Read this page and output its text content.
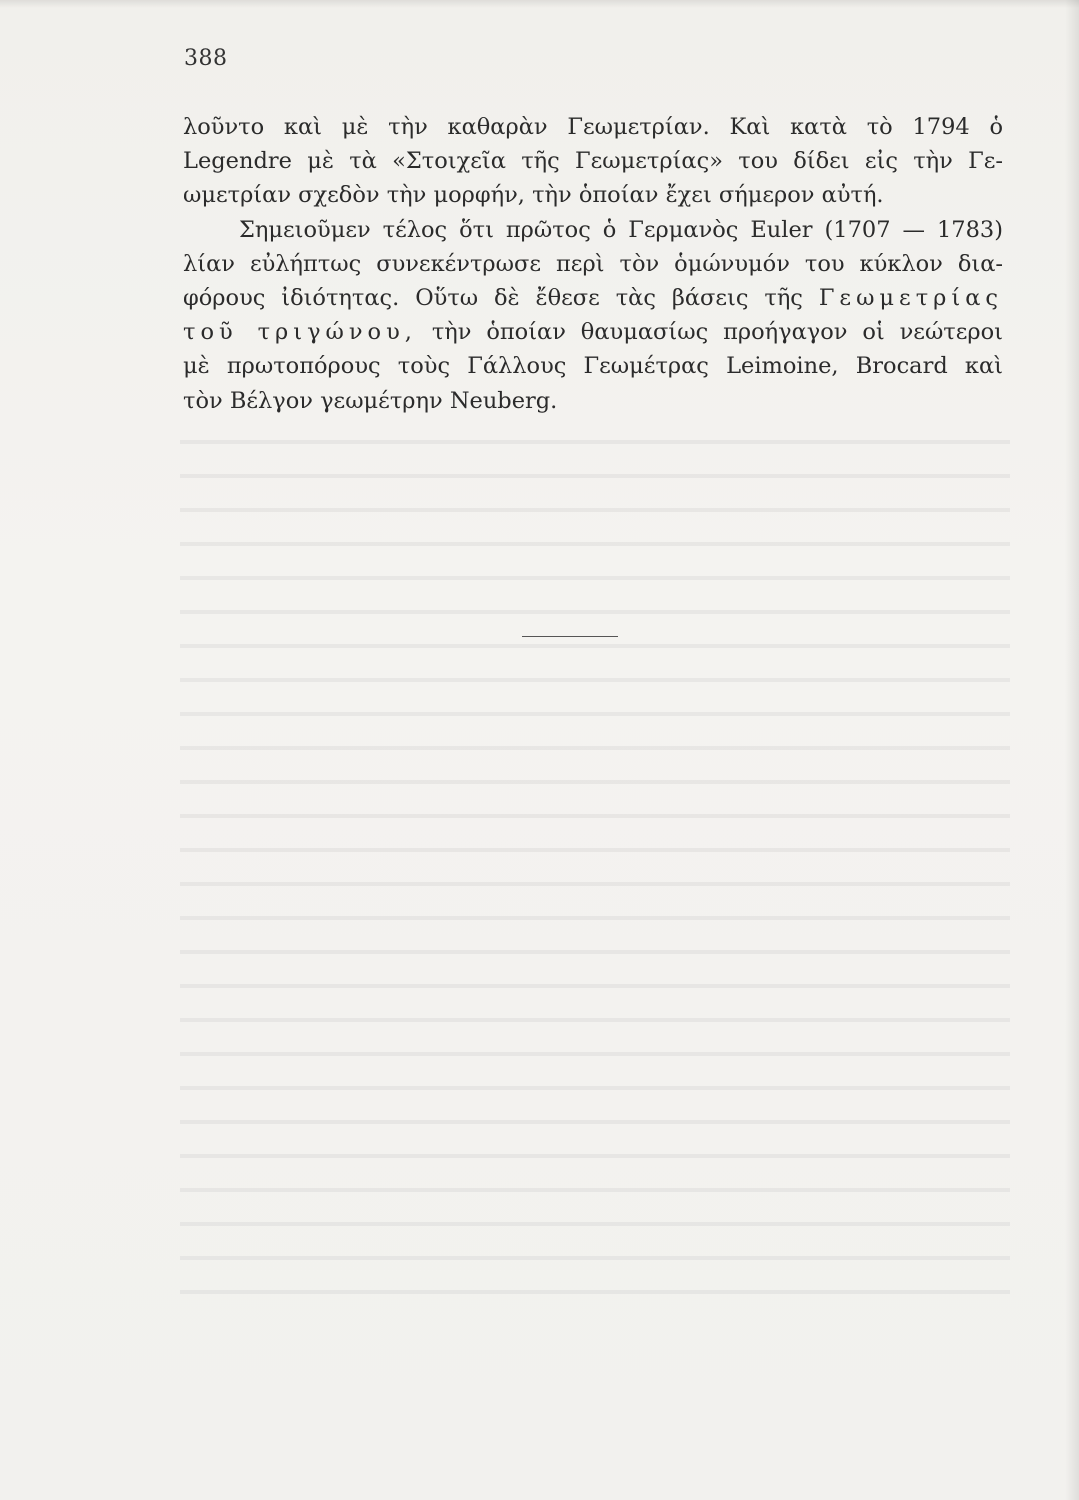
388

λοῦντο καὶ μὲ τὴν καθαρὰν Γεωμετρίαν. Καὶ κατὰ τὸ 1794 ὁ
Legendre μὲ τὰ «Στοιχεῖα τῆς Γεωμετρίας» του δίδει εἰς τὴν Γε-
ωμετρίαν σχεδὸν τὴν μορφήν, τὴν ὁποίαν ἔχει σήμερον αὐτή.

Σημειοῦμεν τέλος ὅτι πρῶτος ὁ Γερμανὸς Euler (1707 — 1783)
λίαν εὐλήπτως συνεκέντρωσε περὶ τὸν ὁμώνυμόν του κύκλον δια-
φόρους ἰδιότητας. Οὕτω δὲ ἔθεσε τὰς βάσεις τῆς Γεωμετρίας
τοῦ τριγώνου, τὴν ὁποίαν θαυμασίως προήγαγον οἱ νεώτεροι
μὲ πρωτοπόρους τοὺς Γάλλους Γεωμέτρας Leimoine, Brocard καὶ
τὸν Βέλγον γεωμέτρην Neuberg.
